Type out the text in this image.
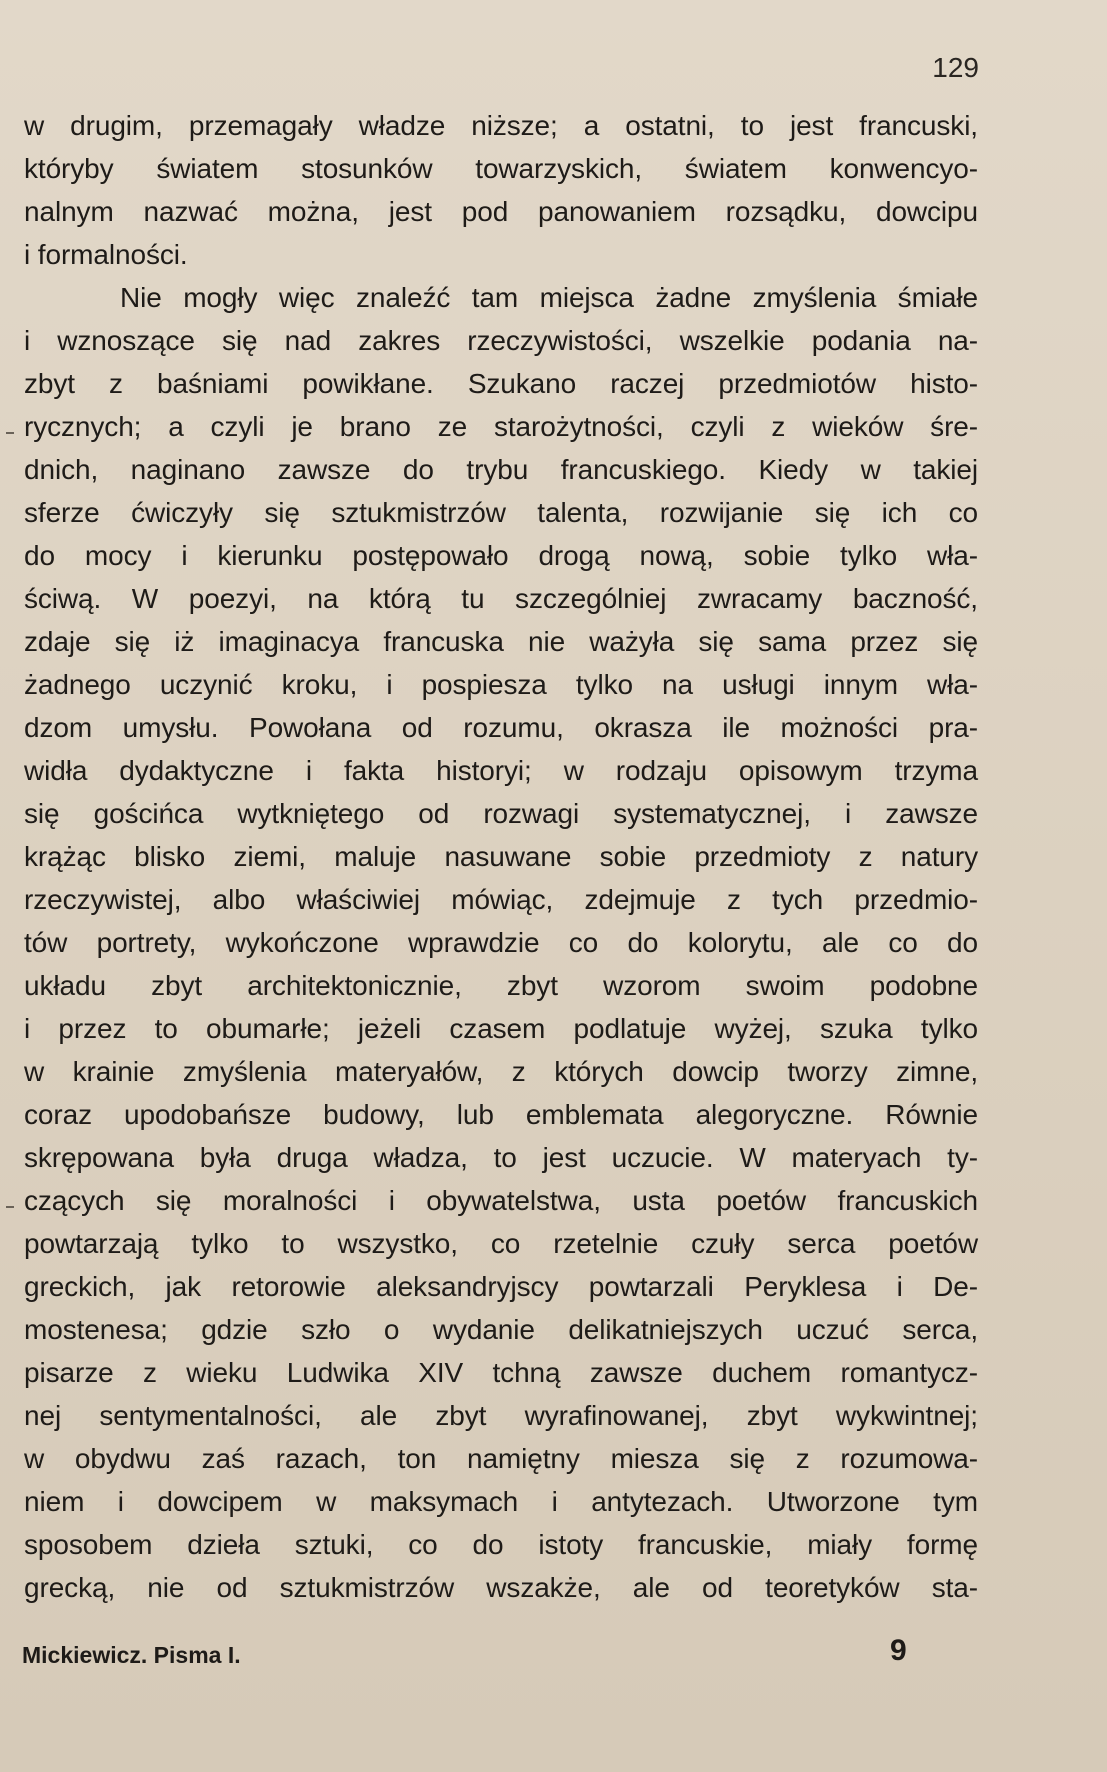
129
w drugim, przemagały władze niższe; a ostatni, to jest francuski,
któryby światem stosunków towarzyskich, światem konwencyo-
nalnym nazwać można, jest pod panowaniem rozsądku, dowcipu
i formalności.
Nie mogły więc znaleźć tam miejsca żadne zmyślenia śmiałe
i wznoszące się nad zakres rzeczywistości, wszelkie podania na-
zbyt z baśniami powikłane. Szukano raczej przedmiotów histo-
rycznych; a czyli je brano ze starożytności, czyli z wieków śre-
dnich, naginano zawsze do trybu francuskiego. Kiedy w takiej
sferze ćwiczyły się sztukmistrzów talenta, rozwijanie się ich co
do mocy i kierunku postępowało drogą nową, sobie tylko wła-
ściwą. W poezyi, na którą tu szczególniej zwracamy baczność,
zdaje się iż imaginacya francuska nie ważyła się sama przez się
żadnego uczynić kroku, i pospiesza tylko na usługi innym wła-
dzom umysłu. Powołana od rozumu, okrasza ile możności pra-
widła dydaktyczne i fakta historyi; w rodzaju opisowym trzyma
się gościńca wytkniętego od rozwagi systematycznej, i zawsze
krążąc blisko ziemi, maluje nasuwane sobie przedmioty z natury
rzeczywistej, albo właściwiej mówiąc, zdejmuje z tych przedmio-
tów portrety, wykończone wprawdzie co do kolorytu, ale co do
układu zbyt architektonicznie, zbyt wzorom swoim podobne
i przez to obumarłe; jeżeli czasem podlatuje wyżej, szuka tylko
w krainie zmyślenia materyałów, z których dowcip tworzy zimne,
coraz upodobańsze budowy, lub emblemata alegoryczne. Równie
skrępowana była druga władza, to jest uczucie. W materyach ty-
czących się moralności i obywatelstwa, usta poetów francuskich
powtarzają tylko to wszystko, co rzetelnie czuły serca poetów
greckich, jak retorowie aleksandryjscy powtarzali Peryklesa i De-
mostenesa; gdzie szło o wydanie delikatniejszych uczuć serca,
pisarze z wieku Ludwika XIV tchną zawsze duchem romantycz-
nej sentymentalności, ale zbyt wyrafinowanej, zbyt wykwintnej;
w obydwu zaś razach, ton namiętny miesza się z rozumowa-
niem i dowcipem w maksymach i antytezach. Utworzone tym
sposobem dzieła sztuki, co do istoty francuskie, miały formę
grecką, nie od sztukmistrzów wszakże, ale od teoretyków sta-
Mickiewicz. Pisma I.	9
